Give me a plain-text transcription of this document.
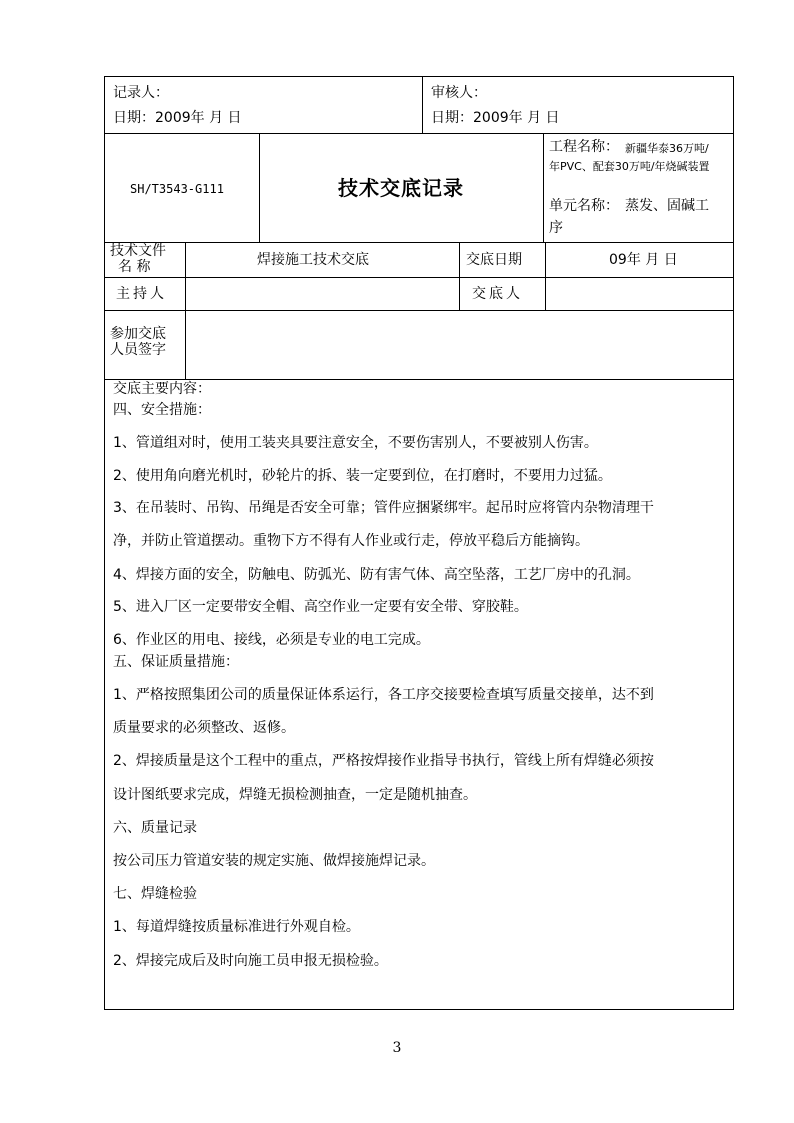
记录人：
日期：2009年 月 日
审核人：
日期：2009年 月 日
SH/T3543-G111	技术交底记录
工程名称： 新疆华泰36万吨/
年PVC、配套30万吨/年烧碱装置
单元名称： 蒸发、固碱工
序
技术文件
名 称	焊接施工技术交底	交底日期	09年 月 日
主持人	交底人
参加交底
人员签字
交底主要内容：
四、安全措施：
1、管道组对时，使用工装夹具要注意安全，不要伤害别人，不要被别人伤害。
2、使用角向磨光机时，砂轮片的拆、装一定要到位，在打磨时，不要用力过猛。
3、在吊装时、吊钩、吊绳是否安全可靠；管件应捆紧绑牢。起吊时应将管内杂物清理干
净，并防止管道摆动。重物下方不得有人作业或行走，停放平稳后方能摘钩。
4、焊接方面的安全，防触电、防弧光、防有害气体、高空坠落，工艺厂房中的孔洞。
5、进入厂区一定要带安全帽、高空作业一定要有安全带、穿胶鞋。
6、作业区的用电、接线，必须是专业的电工完成。
五、保证质量措施：
1、严格按照集团公司的质量保证体系运行，各工序交接要检查填写质量交接单，达不到
质量要求的必须整改、返修。
2、焊接质量是这个工程中的重点，严格按焊接作业指导书执行，管线上所有焊缝必须按
设计图纸要求完成，焊缝无损检测抽查，一定是随机抽查。
六、质量记录
按公司压力管道安装的规定实施、做焊接施焊记录。
七、焊缝检验
1、每道焊缝按质量标准进行外观自检。
2、焊接完成后及时向施工员申报无损检验。
3
